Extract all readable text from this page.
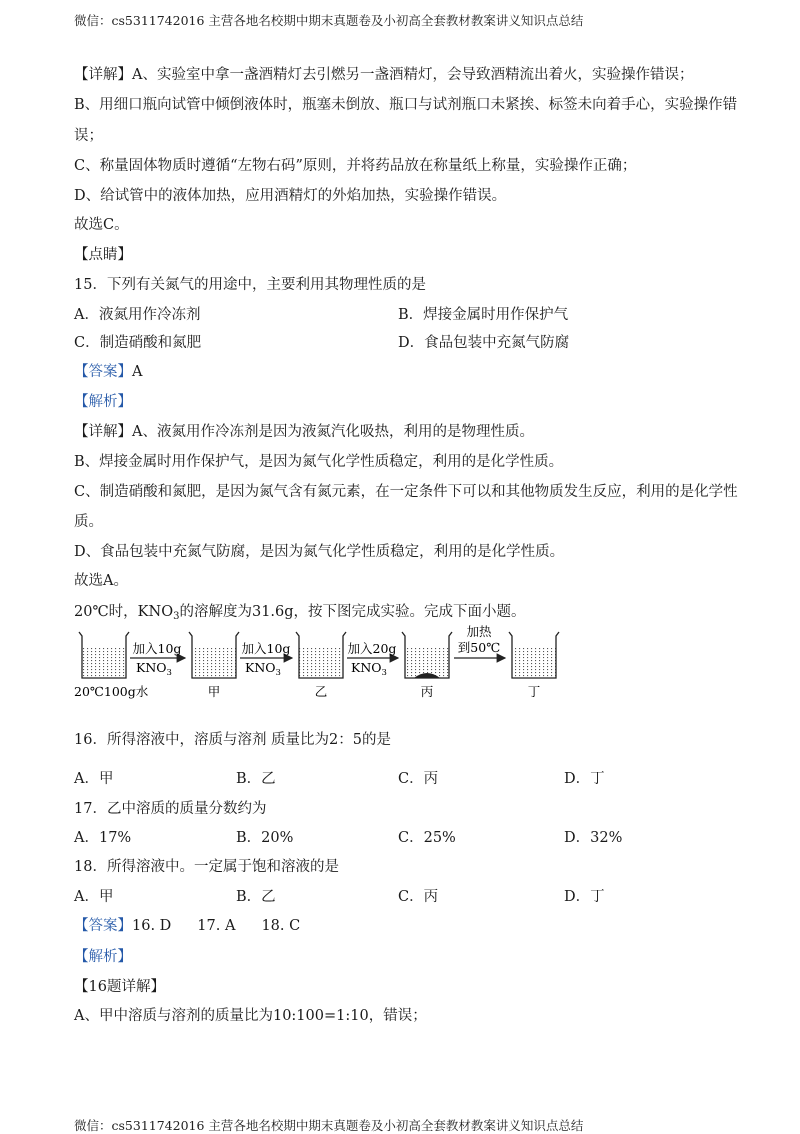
微信：cs5311742016 主营各地名校期中期末真题卷及小初高全套教材教案讲义知识点总结
【详解】A、实验室中拿一盏酒精灯去引燃另一盏酒精灯，会导致酒精流出着火，实验操作错误；
B、用细口瓶向试管中倾倒液体时，瓶塞未倒放、瓶口与试剂瓶口未紧挨、标签未向着手心，实验操作错
误；
C、称量固体物质时遵循“左物右码”原则，并将药品放在称量纸上称量，实验操作正确；
D、给试管中的液体加热，应用酒精灯的外焰加热，实验操作错误。
故选C。
【点睛】
15．下列有关氮气的用途中，主要利用其物理性质的是
A．液氮用作冷冻剂	B．焊接金属时用作保护气
C．制造硝酸和氮肥	D．食品包装中充氮气防腐
【答案】A
【解析】
【详解】A、液氮用作冷冻剂是因为液氮汽化吸热，利用的是物理性质。
B、焊接金属时用作保护气，是因为氮气化学性质稳定，利用的是化学性质。
C、制造硝酸和氮肥，是因为氮气含有氮元素，在一定条件下可以和其他物质发生反应，利用的是化学性
质。
D、食品包装中充氮气防腐，是因为氮气化学性质稳定，利用的是化学性质。
故选A。
20℃时，$KNO_3$的溶解度为31.6g，按下图完成实验。完成下面小题。
加入10g
$KNO_3$
加入10g
$KNO_3$
加入20g
$KNO_3$
加热
到50℃
20℃100g水	甲	乙	丙	丁
16．所得溶液中，溶质与溶剂 质量比为2：5的是
A．甲	B．乙	C．丙	D．丁
17．乙中溶质的质量分数约为
A．17%	B．20%	C．25%	D．32%
18．所得溶液中。一定属于饱和溶液的是
A．甲	B．乙	C．丙	D．丁
【答案】16. D 17. A 18. C
【解析】
【16题详解】
A、甲中溶质与溶剂的质量比为10:100=1:10，错误；
微信：cs5311742016 主营各地名校期中期末真题卷及小初高全套教材教案讲义知识点总结
